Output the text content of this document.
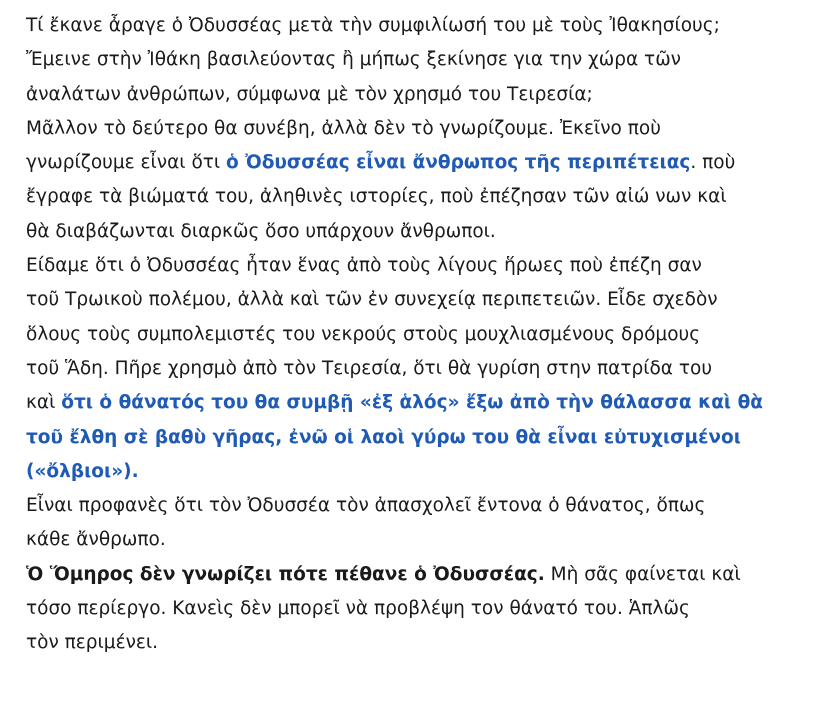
Τί ἔκανε ἆραγε ὁ Ὀδυσσέας μετὰ τὴν συμφιλίωσή του μὲ τοὺς Ἰθακησίους;
Ἔμεινε στὴν Ἰθάκη βασιλεύοντας ἢ μήπως ξεκίνησε για την χώρα τῶν
ἀναλάτων ἀνθρώπων, σύμφωνα μὲ τὸν χρησμό του Τειρεσία;
Μᾶλλον τὸ δεύτερο θα συνέβη, ἀλλὰ δὲν τὸ γνωρίζουμε. Ἐκεῖνο ποὺ
γνωρίζουμε εἶναι ὅτι ὁ Ὀδυσσέας εἶναι ἄνθρωπος τῆς περιπέτειας. ποὺ
ἔγραφε τὰ βιώματά του, ἀληθινὲς ιστορίες, ποὺ ἐπέζησαν τῶν αἰώ νων καὶ
θὰ διαβάζωνται διαρκῶς ὅσο υπάρχουν ἄνθρωποι.
Είδαμε ὅτι ὁ Ὀδυσσέας ἦταν ἕνας ἀπὸ τοὺς λίγους ἥρωες ποὺ ἐπέζη σαν
τοῦ Τρωικοὺ πολέμου, ἀλλὰ καὶ τῶν ἐν συνεχείᾳ περιπετειῶν. Εἶδε σχεδὸν
ὅλους τοὺς συμπολεμιστές του νεκρούς στοὺς μουχλιασμένους δρόμους
τοῦ Ἅδη. Πῆρε χρησμὸ ἀπὸ τὸν Τειρεσία, ὅτι θὰ γυρίση στην πατρίδα του
καὶ ὅτι ὁ θάνατός του θα συμβῇ «ἐξ ἁλός» ἔξω ἀπὸ τὴν θάλασσα καὶ θὰ
τοῦ ἔλθη σὲ βαθὺ γῆρας, ἐνῶ οἱ λαοὶ γύρω του θὰ εἶναι εὐτυχισμένοι
(«ὄλβιοι»).
Εἶναι προφανὲς ὅτι τὸν Ὀδυσσέα τὸν ἀπασχολεῖ ἔντονα ὁ θάνατος, ὅπως
κάθε ἄνθρωπο.
Ὁ Ὅμηρος δὲν γνωρίζει πότε πέθανε ὁ Ὀδυσσέας. Μὴ σᾶς φαίνεται καὶ
τόσο περίεργο. Κανεὶς δὲν μπορεῖ νὰ προβλέψη τον θάνατό του. Ἁπλῶς
τὸν περιμένει.
